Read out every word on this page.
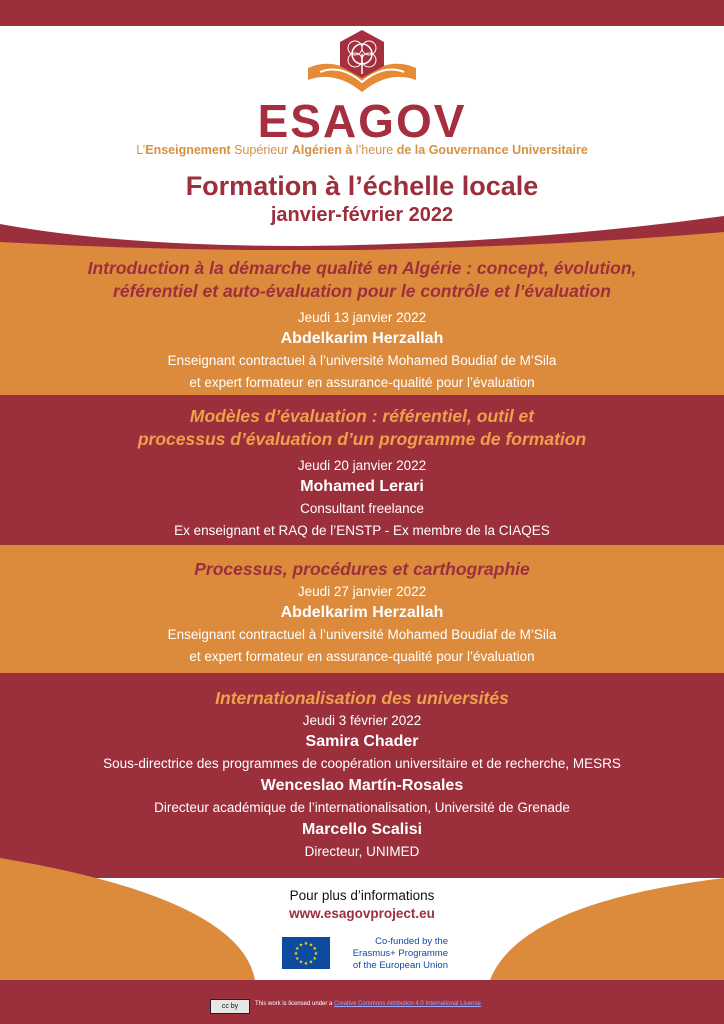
ESAGOV
L’Enseignement Supérieur Algérien à l’heure de la Gouvernance Universitaire
Formation à l’échelle locale
janvier-février 2022
Introduction à la démarche qualité en Algérie : concept, évolution,
référentiel et auto-évaluation pour le contrôle et l’évaluation
Jeudi 13 janvier 2022
Abdelkarim Herzallah
Enseignant contractuel à l’université Mohamed Boudiaf de M’Sila
et expert formateur en assurance-qualité pour l’évaluation
Modèles d’évaluation : référentiel, outil et
processus d’évaluation d’un programme de formation
Jeudi 20 janvier 2022
Mohamed Lerari
Consultant freelance
Ex enseignant et RAQ de l’ENSTP - Ex membre de la CIAQES
Processus, procédures et carthographie
Jeudi 27 janvier 2022
Abdelkarim Herzallah
Enseignant contractuel à l’université Mohamed Boudiaf de M’Sila
et expert formateur en assurance-qualité pour l’évaluation
Internationalisation des universités
Jeudi 3 février 2022
Samira Chader
Sous-directrice des programmes de coopération universitaire et de recherche, MESRS
Wenceslao Martín-Rosales
Directeur académique de l’internationalisation, Université de Grenade
Marcello Scalisi
Directeur, UNIMED
Pour plus d’informations
www.esagovproject.eu
★ ★
★
★
★
★
★
★
★
★
★
★	Co-funded by the
Erasmus+ Programme
of the European Union
cc by	This work is licensed under a Creative Commons Attribution 4.0 International License
